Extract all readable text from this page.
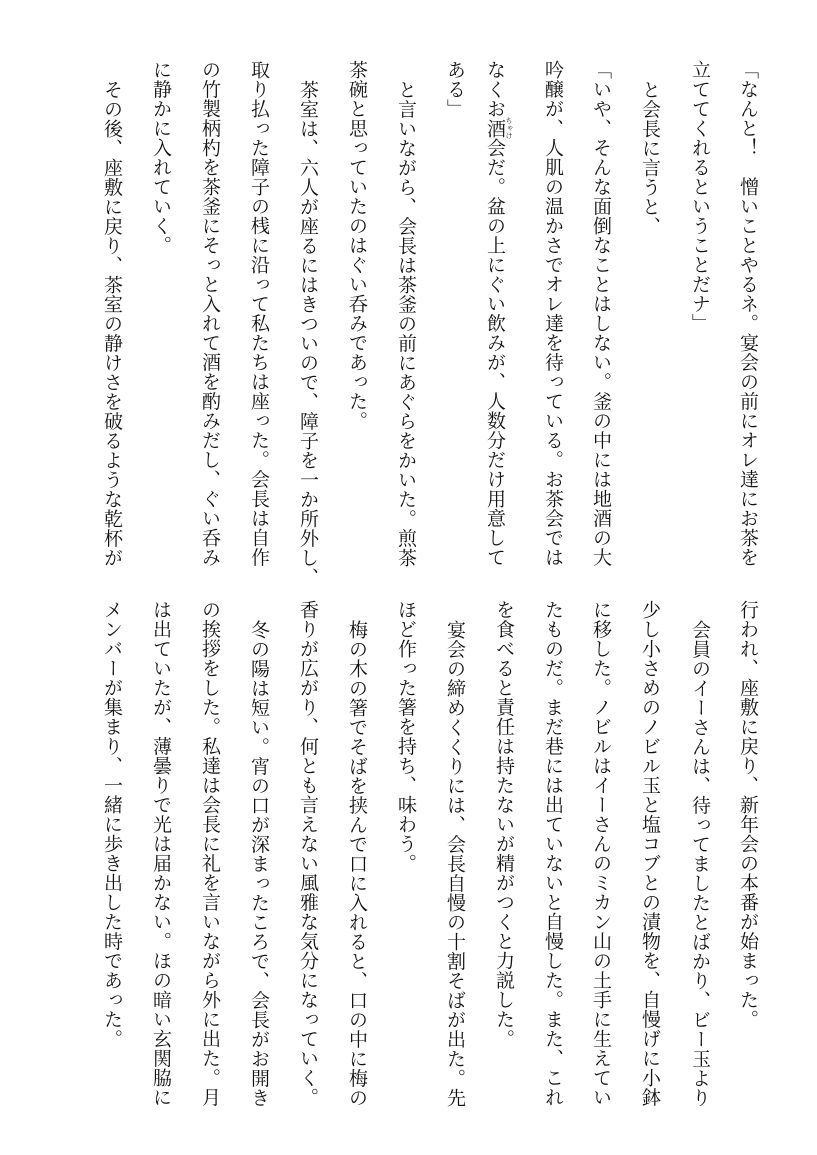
「なんと！　憎いことやるネ。宴会の前にオレ達にお茶を
立ててくれるということだナ」
と会長に言うと、
「いや、そんな面倒なことはしない。釜の中には地酒の大
吟醸が、人肌の温かさでオレ達を待っている。お茶会では
なくお酒 ちゃけ会だ。盆の上にぐい飲みが、人数分だけ用意して
ある」
と言いながら、会長は茶釜の前にあぐらをかいた。煎茶
茶碗と思っていたのはぐい呑みであった。
茶室は、六人が座るにはきついので、障子を一か所外し、
取り払った障子の桟に沿って私たちは座った。会長は自作
の竹製柄杓を茶釜にそっと入れて酒を酌みだし、ぐい呑み
に静かに入れていく。
その後、座敷に戻り、茶室の静けさを破るような乾杯が
行われ、座敷に戻り、新年会の本番が始まった。
会員のイーさんは、待ってましたとばかり、ビー玉より
少し小さめのノビル玉と塩コブとの漬物を、自慢げに小鉢
に移した。ノビルはイーさんのミカン山の土手に生えてい
たものだ。まだ巷には出ていないと自慢した。また、これ
を食べると責任は持たないが精がつくと力説した。
宴会の締めくくりには、会長自慢の十割そばが出た。先
ほど作った箸を持ち、味わう。
梅の木の箸でそばを挟んで口に入れると、口の中に梅の
香りが広がり、何とも言えない風雅な気分になっていく。
冬の陽は短い。宵の口が深まったころで、会長がお開き
の挨拶をした。私達は会長に礼を言いながら外に出た。月
は出ていたが、薄曇りで光は届かない。ほの暗い玄関脇に
メンバーが集まり、一緒に歩き出した時であった。
